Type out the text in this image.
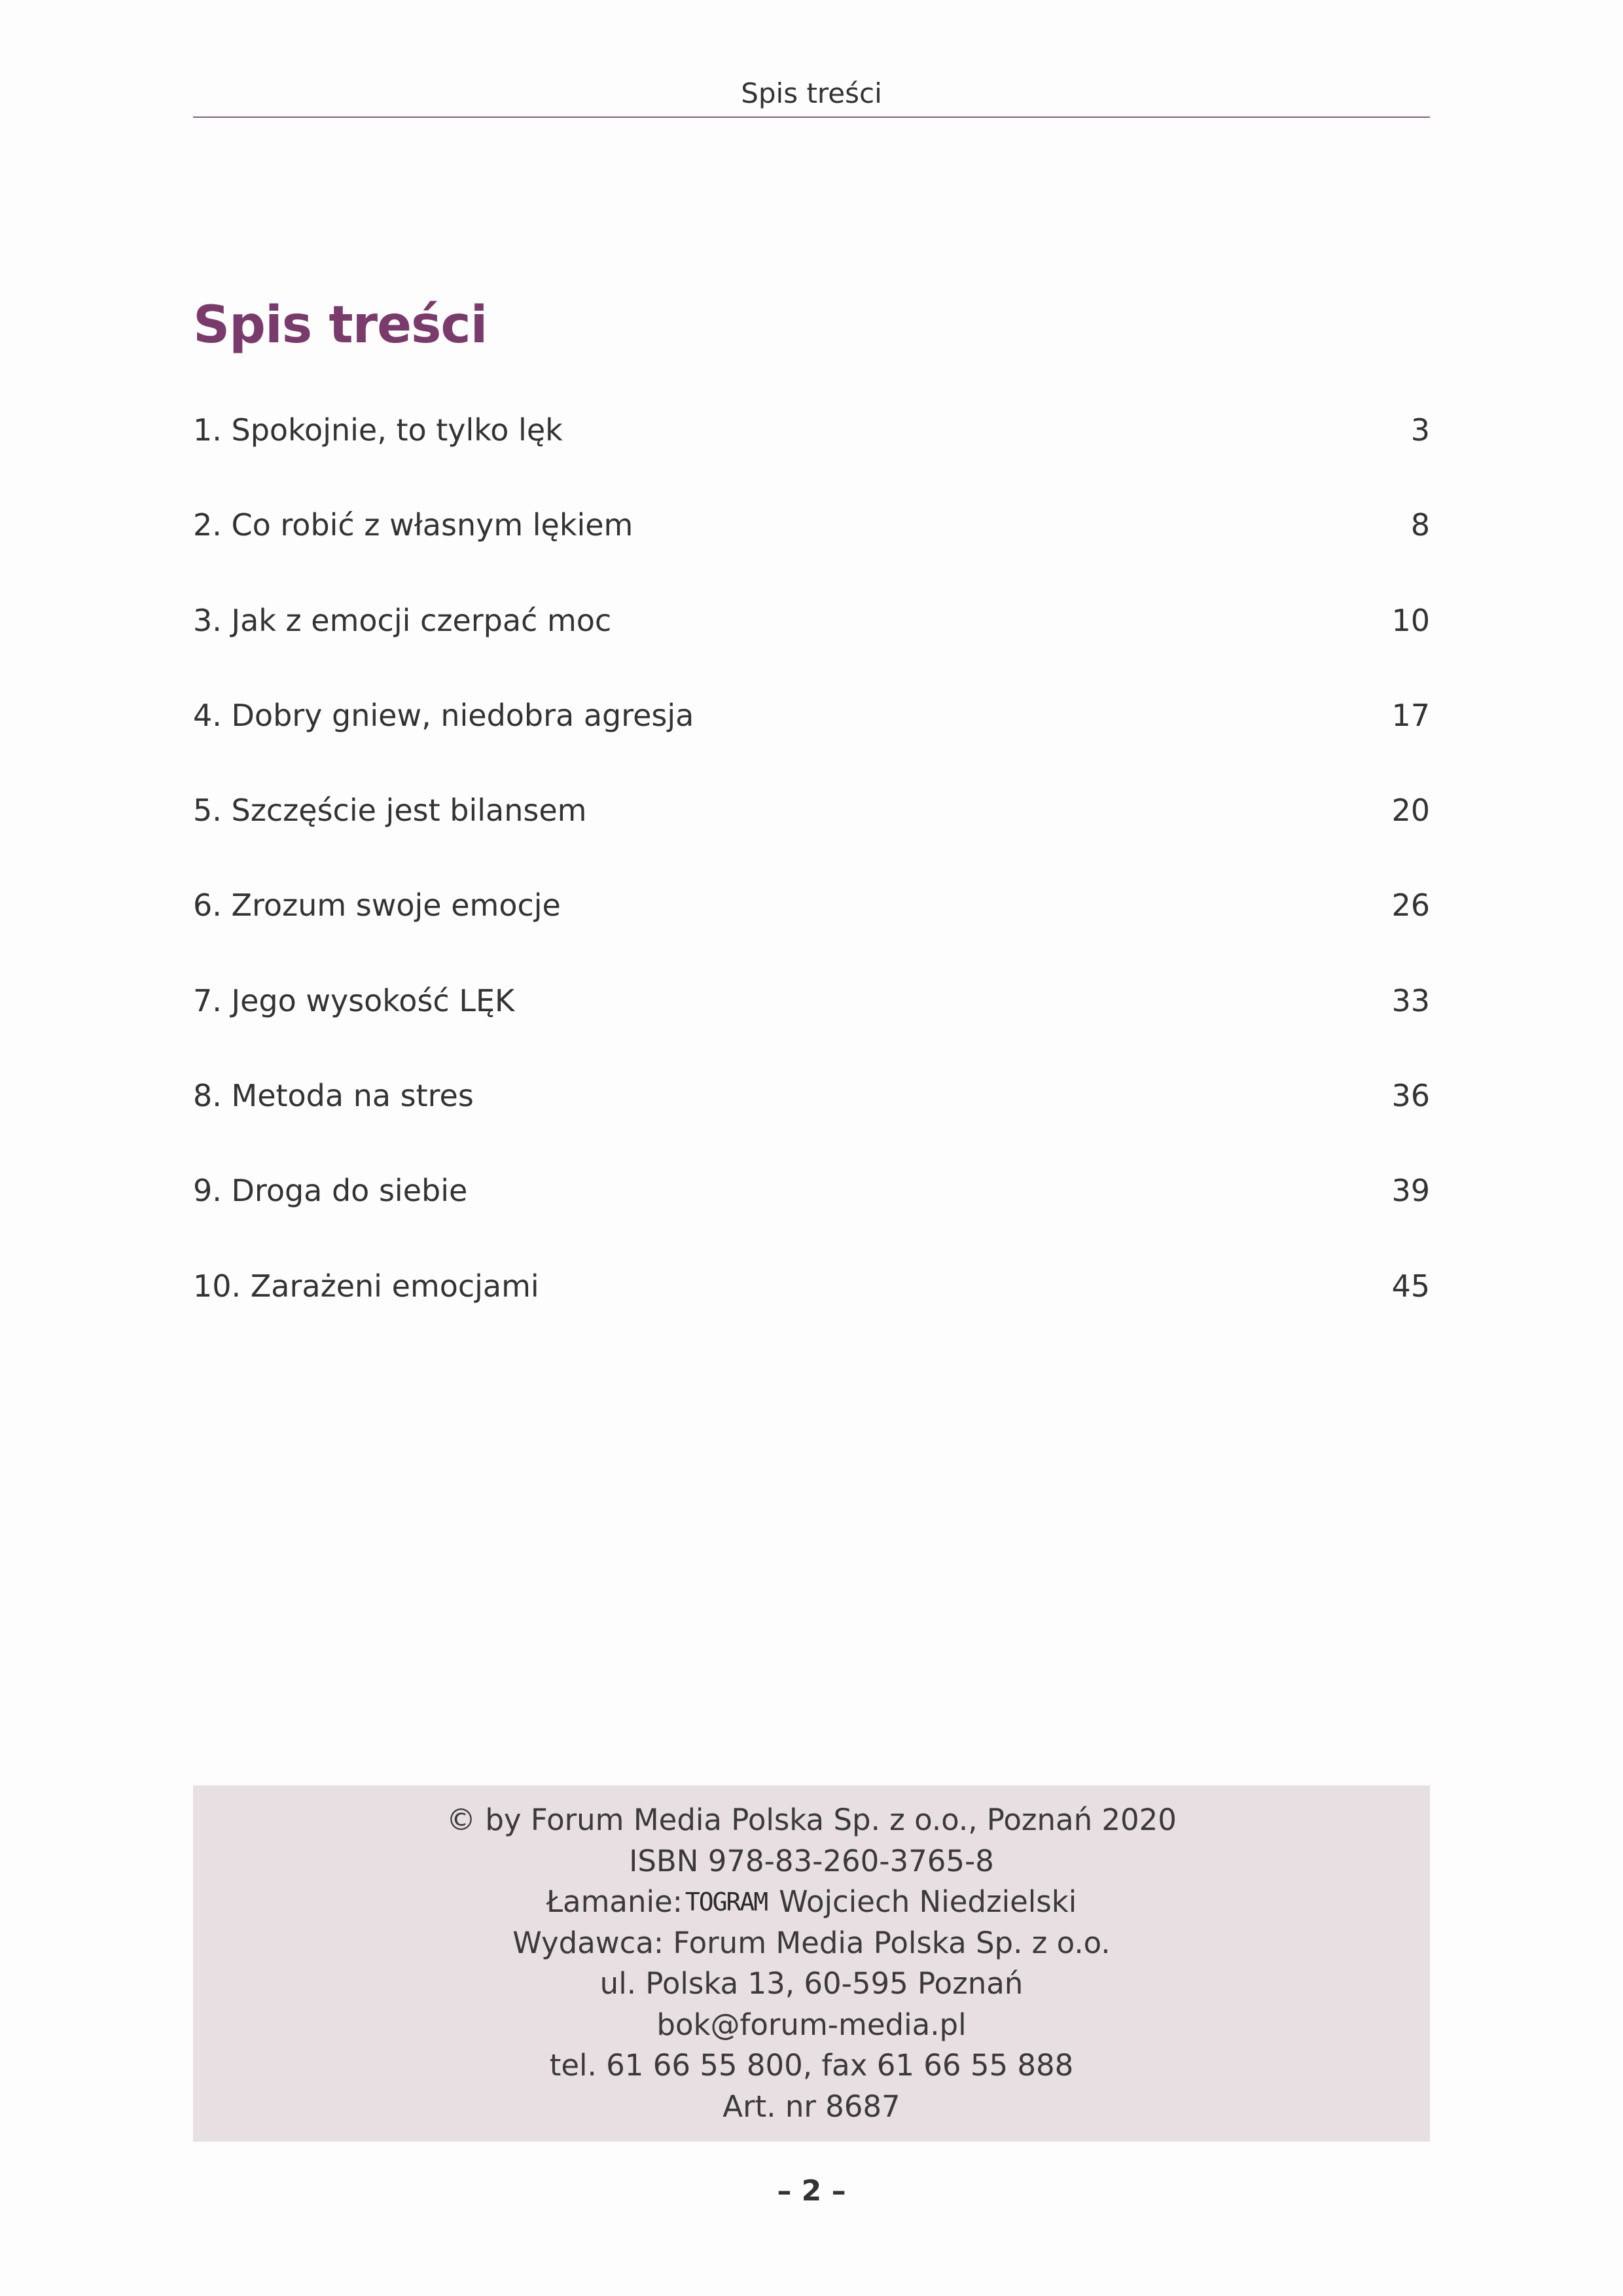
Spis treści
Spis treści
1. Spokojnie, to tylko lęk	3
2. Co robić z własnym lękiem	8
3. Jak z emocji czerpać moc	10
4. Dobry gniew, niedobra agresja	17
5. Szczęście jest bilansem	20
6. Zrozum swoje emocje	26
7. Jego wysokość LĘK	33
8. Metoda na stres	36
9. Droga do siebie	39
10. Zarażeni emocjami	45
© by Forum Media Polska Sp. z o.o., Poznań 2020
ISBN 978-83-260-3765-8
Łamanie: TOGRAM Wojciech Niedzielski
Wydawca: Forum Media Polska Sp. z o.o.
ul. Polska 13, 60-595 Poznań
bok@forum-media.pl
tel. 61 66 55 800, fax 61 66 55 888
Art. nr 8687
– 2 –
